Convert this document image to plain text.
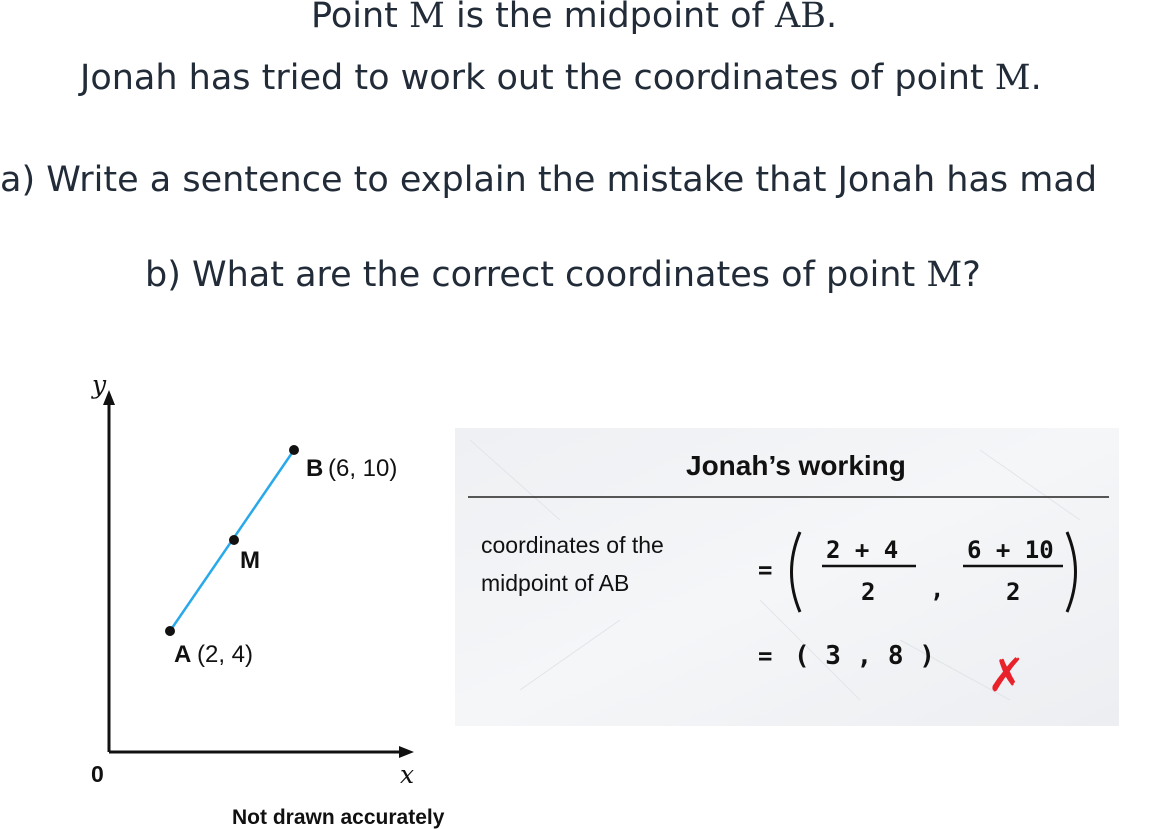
Point M is the midpoint of AB.
Jonah has tried to work out the coordinates of point M.
a) Write a sentence to explain the mistake that Jonah has mad
b) What are the correct coordinates of point M?
y
x
0
B (6, 10)
M
A (2, 4)
Not drawn accurately
Jonah’s working
coordinates of the
midpoint of AB	=
2 + 4
2 ,
6 + 10
2
= ( 3 , 8 ) ✗
